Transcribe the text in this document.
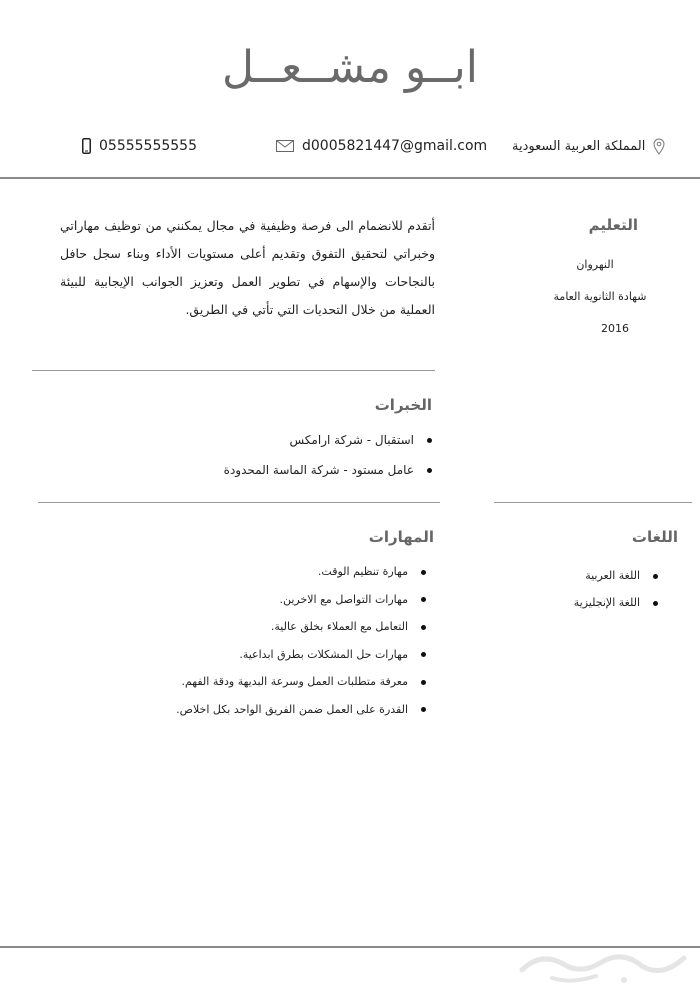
ابــو مشــعــل
05555555555	d0005821447@gmail.com المملكة العربية السعودية
أتقدم للانضمام الى فرصة وظيفية في مجال يمكنني من توظيف مهاراتي وخبراتي لتحقيق التفوق وتقديم أعلى مستويات الأداء وبناء سجل حافل بالنجاحات والإسهام في تطوير العمل وتعزيز الجوانب الإيجابية للبيئة العملية من خلال التحديات التي تأتي في الطريق.
التعليم
النهروان
شهادة الثانوية العامة
2016
الخبرات
استقبال - شركة ارامكس
عامل مستود - شركة الماسة المحدودة
المهارات
مهارة تنظيم الوقت.
مهارات التواصل مع الاخرين.
التعامل مع العملاء بخلق عالية.
مهارات حل المشكلات بطرق ابداعية.
معرفة متطلبات العمل وسرعة البديهة ودقة الفهم.
القدرة على العمل ضمن الفريق الواحد بكل اخلاص.
اللغات
اللغة العربية
اللغة الإنجليزية
